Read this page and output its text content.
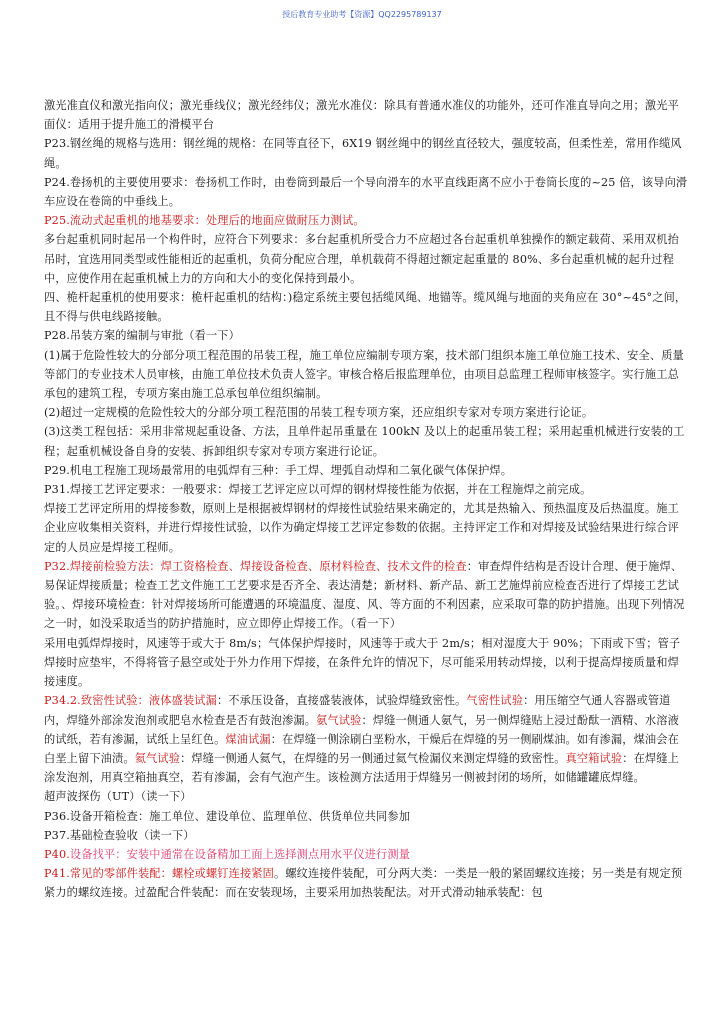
授后教育专业助考【资源】QQ2295789137

激光准直仪和激光指向仪；激光垂线仪；激光经纬仪；激光水准仪：除具有普通水准仪的功能外，还可作准直导向之用；激光平面仪：适用于提升施工的滑模平台

P23.钢丝绳的规格与选用：钢丝绳的规格：在同等直径下，6X19 钢丝绳中的钢丝直径较大，强度较高，但柔性差，常用作缆风绳。

P24.卷扬机的主要使用要求：卷扬机工作时，由卷筒到最后一个导向滑车的水平直线距离不应小于卷筒长度的~25 倍，该导向滑车应设在卷筒的中垂线上。

P25.流动式起重机的地基要求：处理后的地面应做耐压力测试。

多台起重机同时起吊一个构件时，应符合下列要求：多台起重机所受合力不应超过各台起重机单独操作的额定载荷、采用双机抬吊时，宜选用同类型或性能相近的起重机，负荷分配应合理，单机载荷不得超过额定起重量的 80%、多台起重机械的起升过程中，应使作用在起重机械上力的方向和大小的变化保持到最小。

四、桅杆起重机的使用要求：桅杆起重机的结构：)稳定系统主要包括缆风绳、地锚等。缆风绳与地面的夹角应在 30°~45°之间，且不得与供电线路接触。

P28.吊装方案的编制与审批（看一下）

(1)属于危险性较大的分部分项工程范围的吊装工程，施工单位应编制专项方案，技术部门组织本施工单位施工技术、安全、质量等部门的专业技术人员审核，由施工单位技术负责人签字。审核合格后报监理单位，由项目总监理工程师审核签字。实行施工总承包的建筑工程，专项方案由施工总承包单位组织编制。

(2)超过一定规模的危险性较大的分部分项工程范围的吊装工程专项方案，还应组织专家对专项方案进行论证。

(3)这类工程包括：采用非常规起重设备、方法，且单件起吊重量在 100kN 及以上的起重吊装工程；采用起重机械进行安装的工程；起重机械设备自身的安装、拆卸组织专家对专项方案进行论证。

P29.机电工程施工现场最常用的电弧焊有三种：手工焊、埋弧自动焊和二氧化碳气体保护焊。

P31.焊接工艺评定要求：一般要求：焊接工艺评定应以可焊的钢材焊接性能为依据，并在工程施焊之前完成。

焊接工艺评定所用的焊接参数，原则上是根据被焊钢材的焊接性试验结果来确定的，尤其是热输入、预热温度及后热温度。施工企业应收集相关资料，并进行焊接性试验，以作为确定焊接工艺评定参数的依据。主持评定工作和对焊接及试验结果进行综合评定的人员应是焊接工程师。

P32.焊接前检验方法：焊工资格检查、焊接设备检查、原材料检查、技术文件的检查：审查焊件结构是否设计合理、便于施焊、易保证焊接质量；检查工艺文件施工工艺要求是否齐全、表达清楚；新材料、新产品、新工艺施焊前应检查否进行了焊接工艺试验。、焊接环境检查：针对焊接场所可能遭遇的环境温度、湿度、风、等方面的不利因素，应采取可靠的防护措施。出现下列情况之一时，如没采取适当的防护措施时，应立即停止焊接工作。（看一下）

采用电弧焊焊接时，风速等于或大于 8m/s；气体保护焊接时，风速等于或大于 2m/s；相对湿度大于 90%；下雨或下雪；管子焊接时应垫牢，不得将管子悬空或处于外力作用下焊接，在条件允许的情况下，尽可能采用转动焊接，以利于提高焊接质量和焊接速度。

P34.2.致密性试验：液体盛装试漏：不承压设备，直接盛装液体，试验焊缝致密性。气密性试验：用压缩空气通人容器或管道内，焊缝外部涂发泡剂或肥皂水检查是否有鼓泡渗漏。氨气试验：焊缝一侧通人氨气，另一侧焊缝贴上浸过酚酞一酒精、水溶液的试纸，若有渗漏，试纸上呈红色。煤油试漏：在焊缝一侧涂刷白垩粉水，干燥后在焊缝的另一侧刷煤油。如有渗漏，煤油会在白垩上留下油渍。氦气试验：焊缝一侧通人氦气，在焊缝的另一侧通过氦气检漏仪来测定焊缝的致密性。真空箱试验：在焊缝上涂发泡剂，用真空箱抽真空，若有渗漏，会有气泡产生。该检测方法适用于焊缝另一侧被封闭的场所，如储罐罐底焊缝。

超声波探伤（UT）（读一下）

P36.设备开箱检查：施工单位、建设单位、监理单位、供货单位共同参加

P37.基础检查验收（读一下）

P40.设备找平：安装中通常在设备精加工面上选择测点用水平仪进行测量

P41.常见的零部件装配：螺栓或螺钉连接紧固。螺纹连接件装配，可分两大类：一类是一般的紧固螺纹连接；另一类是有规定预紧力的螺纹连接。过盈配合件装配：而在安装现场，主要采用加热装配法。对开式滑动轴承装配：包
